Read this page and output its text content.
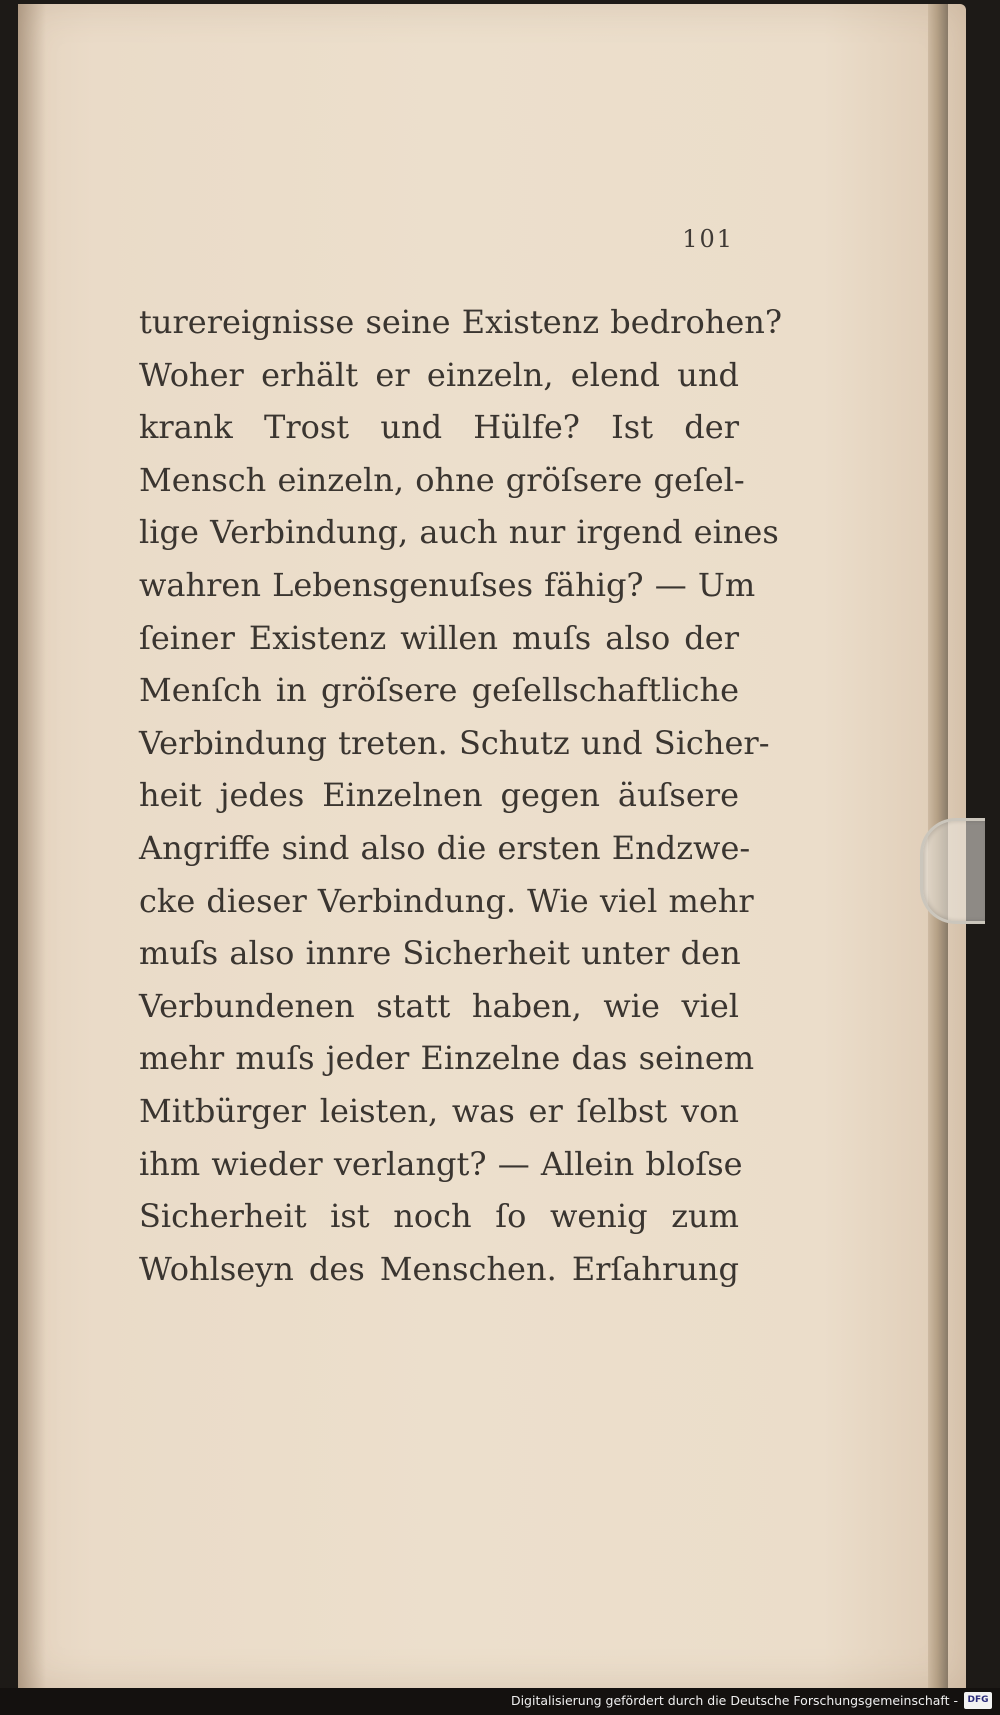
101

turereignisse seine Existenz bedrohen?
Woher erhält er einzeln, elend und
krank Trost und Hülfe? Ist der
Mensch einzeln, ohne gröſsere geſel-
lige Verbindung, auch nur irgend eines
wahren Lebensgenuſses fähig? — Um
ſeiner Existenz willen muſs also der
Menſch in gröſsere geſellschaftliche
Verbindung treten. Schutz und Sicher-
heit jedes Einzelnen gegen äuſsere
Angriffe sind also die ersten Endzwe-
cke dieser Verbindung. Wie viel mehr
muſs also innre Sicherheit unter den
Verbundenen statt haben, wie viel
mehr muſs jeder Einzelne das seinem
Mitbürger leisten, was er ſelbst von
ihm wieder verlangt? — Allein bloſse
Sicherheit ist noch ſo wenig zum
Wohlseyn des Menschen. Erſahrung

Digitalisierung gefördert durch die Deutsche Forschungsgemeinschaft -	DFG
